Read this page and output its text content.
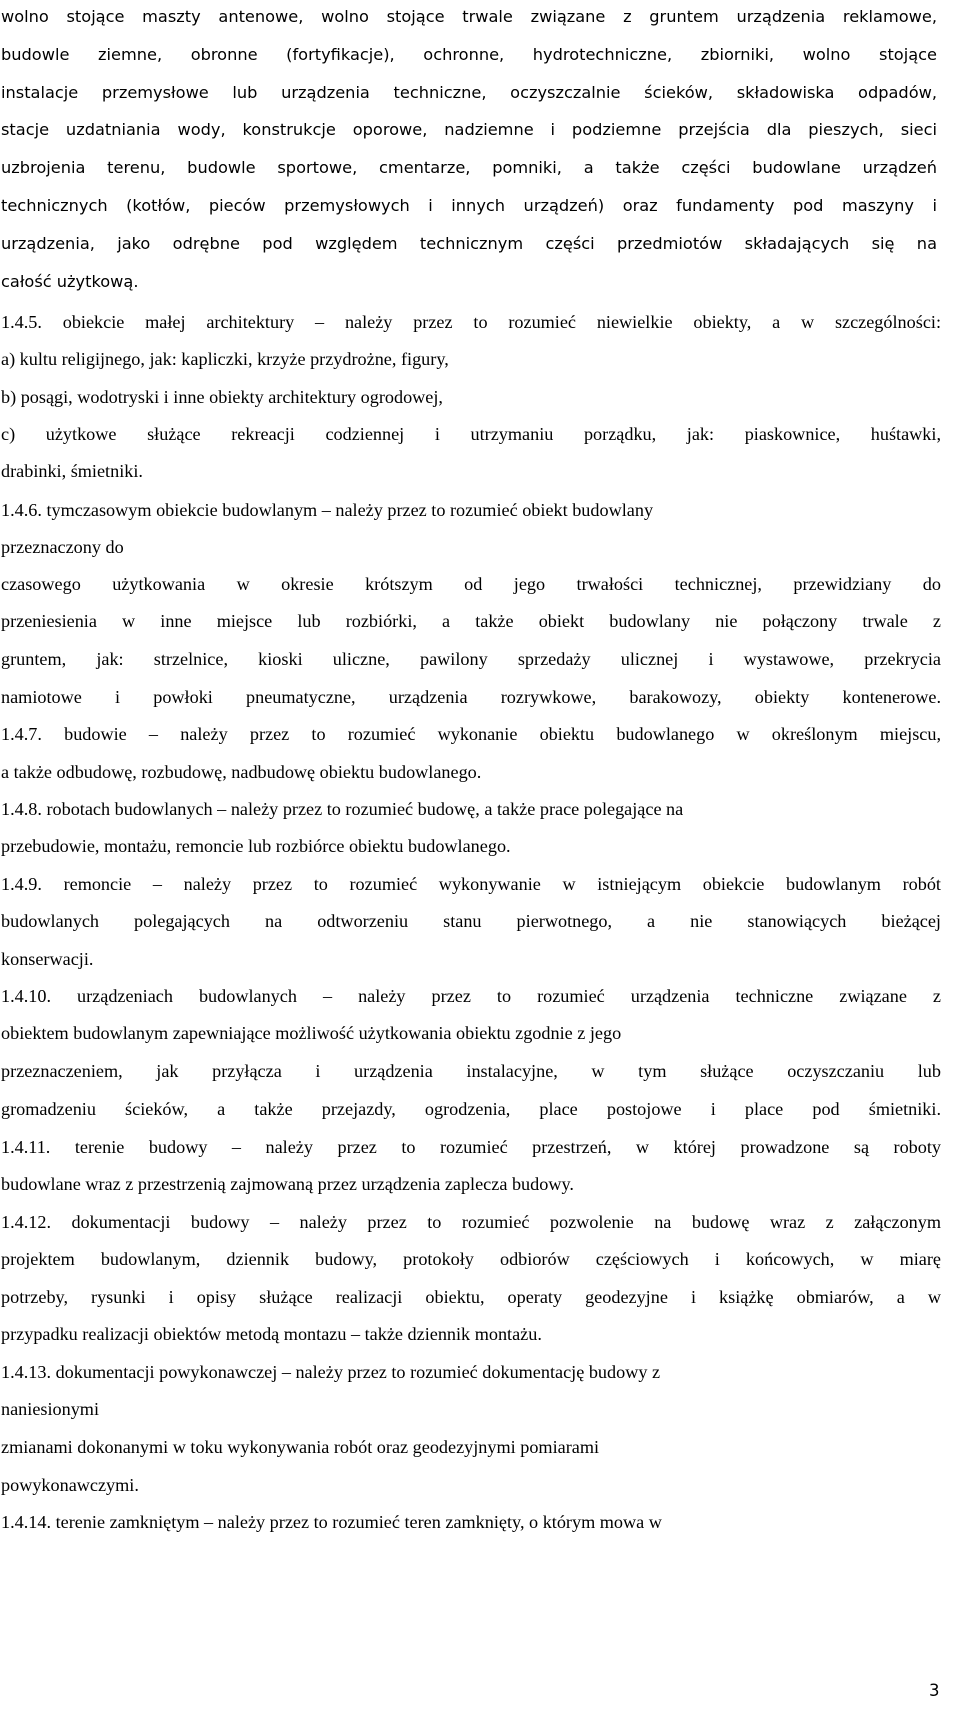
3
wolno stojące maszty antenowe, wolno stojące trwale związane z gruntem urządzenia reklamowe,
budowle ziemne, obronne (fortyfikacje), ochronne, hydrotechniczne, zbiorniki, wolno stojące
instalacje przemysłowe lub urządzenia techniczne, oczyszczalnie ścieków, składowiska odpadów,
stacje uzdatniania wody, konstrukcje oporowe, nadziemne i podziemne przejścia dla pieszych, sieci
uzbrojenia terenu, budowle sportowe, cmentarze, pomniki, a także części budowlane urządzeń
technicznych (kotłów, pieców przemysłowych i innych urządzeń) oraz fundamenty pod maszyny i
urządzenia, jako odrębne pod względem technicznym części przedmiotów składających się na
całość użytkową.
1.4.5. obiekcie małej architektury – należy przez to rozumieć niewielkie obiekty, a w szczególności:
a) kultu religijnego, jak: kapliczki, krzyże przydrożne, figury,
b) posągi, wodotryski i inne obiekty architektury ogrodowej,
c) użytkowe służące rekreacji codziennej i utrzymaniu porządku, jak: piaskownice, huśtawki,
drabinki, śmietniki.
1.4.6. tymczasowym obiekcie budowlanym – należy przez to rozumieć obiekt budowlany
przeznaczony do
czasowego użytkowania w okresie krótszym od jego trwałości technicznej, przewidziany do
przeniesienia w inne miejsce lub rozbiórki, a także obiekt budowlany nie połączony trwale z
gruntem, jak: strzelnice, kioski uliczne, pawilony sprzedaży ulicznej i wystawowe, przekrycia
namiotowe i powłoki pneumatyczne, urządzenia rozrywkowe, barakowozy, obiekty kontenerowe.
1.4.7. budowie – należy przez to rozumieć wykonanie obiektu budowlanego w określonym miejscu,
a także odbudowę, rozbudowę, nadbudowę obiektu budowlanego.
1.4.8. robotach budowlanych – należy przez to rozumieć budowę, a także prace polegające na
przebudowie, montażu, remoncie lub rozbiórce obiektu budowlanego.
1.4.9. remoncie – należy przez to rozumieć wykonywanie w istniejącym obiekcie budowlanym robót
budowlanych polegających na odtworzeniu stanu pierwotnego, a nie stanowiących bieżącej
konserwacji.
1.4.10. urządzeniach budowlanych – należy przez to rozumieć urządzenia techniczne związane z
obiektem budowlanym zapewniające możliwość użytkowania obiektu zgodnie z jego
przeznaczeniem, jak przyłącza i urządzenia instalacyjne, w tym służące oczyszczaniu lub
gromadzeniu ścieków, a także przejazdy, ogrodzenia, place postojowe i place pod śmietniki.
1.4.11. terenie budowy – należy przez to rozumieć przestrzeń, w której prowadzone są roboty
budowlane wraz z przestrzenią zajmowaną przez urządzenia zaplecza budowy.
1.4.12. dokumentacji budowy – należy przez to rozumieć pozwolenie na budowę wraz z załączonym
projektem budowlanym, dziennik budowy, protokoły odbiorów częściowych i końcowych, w miarę
potrzeby, rysunki i opisy służące realizacji obiektu, operaty geodezyjne i książkę obmiarów, a w
przypadku realizacji obiektów metodą montazu – także dziennik montażu.
1.4.13. dokumentacji powykonawczej – należy przez to rozumieć dokumentację budowy z
naniesionymi
zmianami dokonanymi w toku wykonywania robót oraz geodezyjnymi pomiarami
powykonawczymi.
1.4.14. terenie zamkniętym – należy przez to rozumieć teren zamknięty, o którym mowa w
